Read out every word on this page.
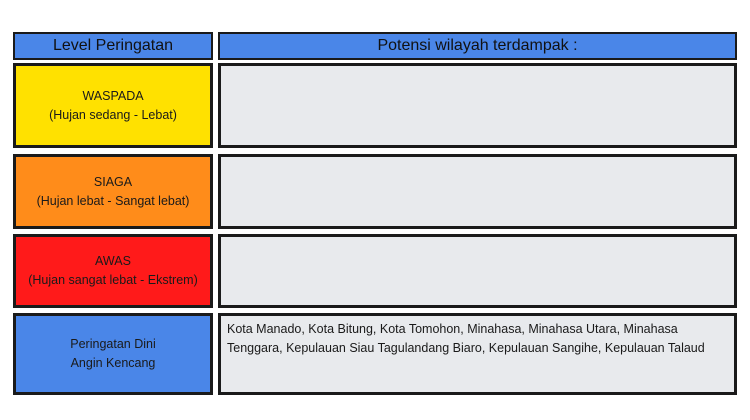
Level Peringatan	Potensi wilayah terdampak :
WASPADA
(Hujan sedang - Lebat)
SIAGA
(Hujan lebat - Sangat lebat)
AWAS
(Hujan sangat lebat - Ekstrem)
Peringatan Dini
Angin Kencang
Kota Manado, Kota Bitung, Kota Tomohon, Minahasa, Minahasa Utara, Minahasa Tenggara, Kepulauan Siau Tagulandang Biaro, Kepulauan Sangihe, Kepulauan Talaud
